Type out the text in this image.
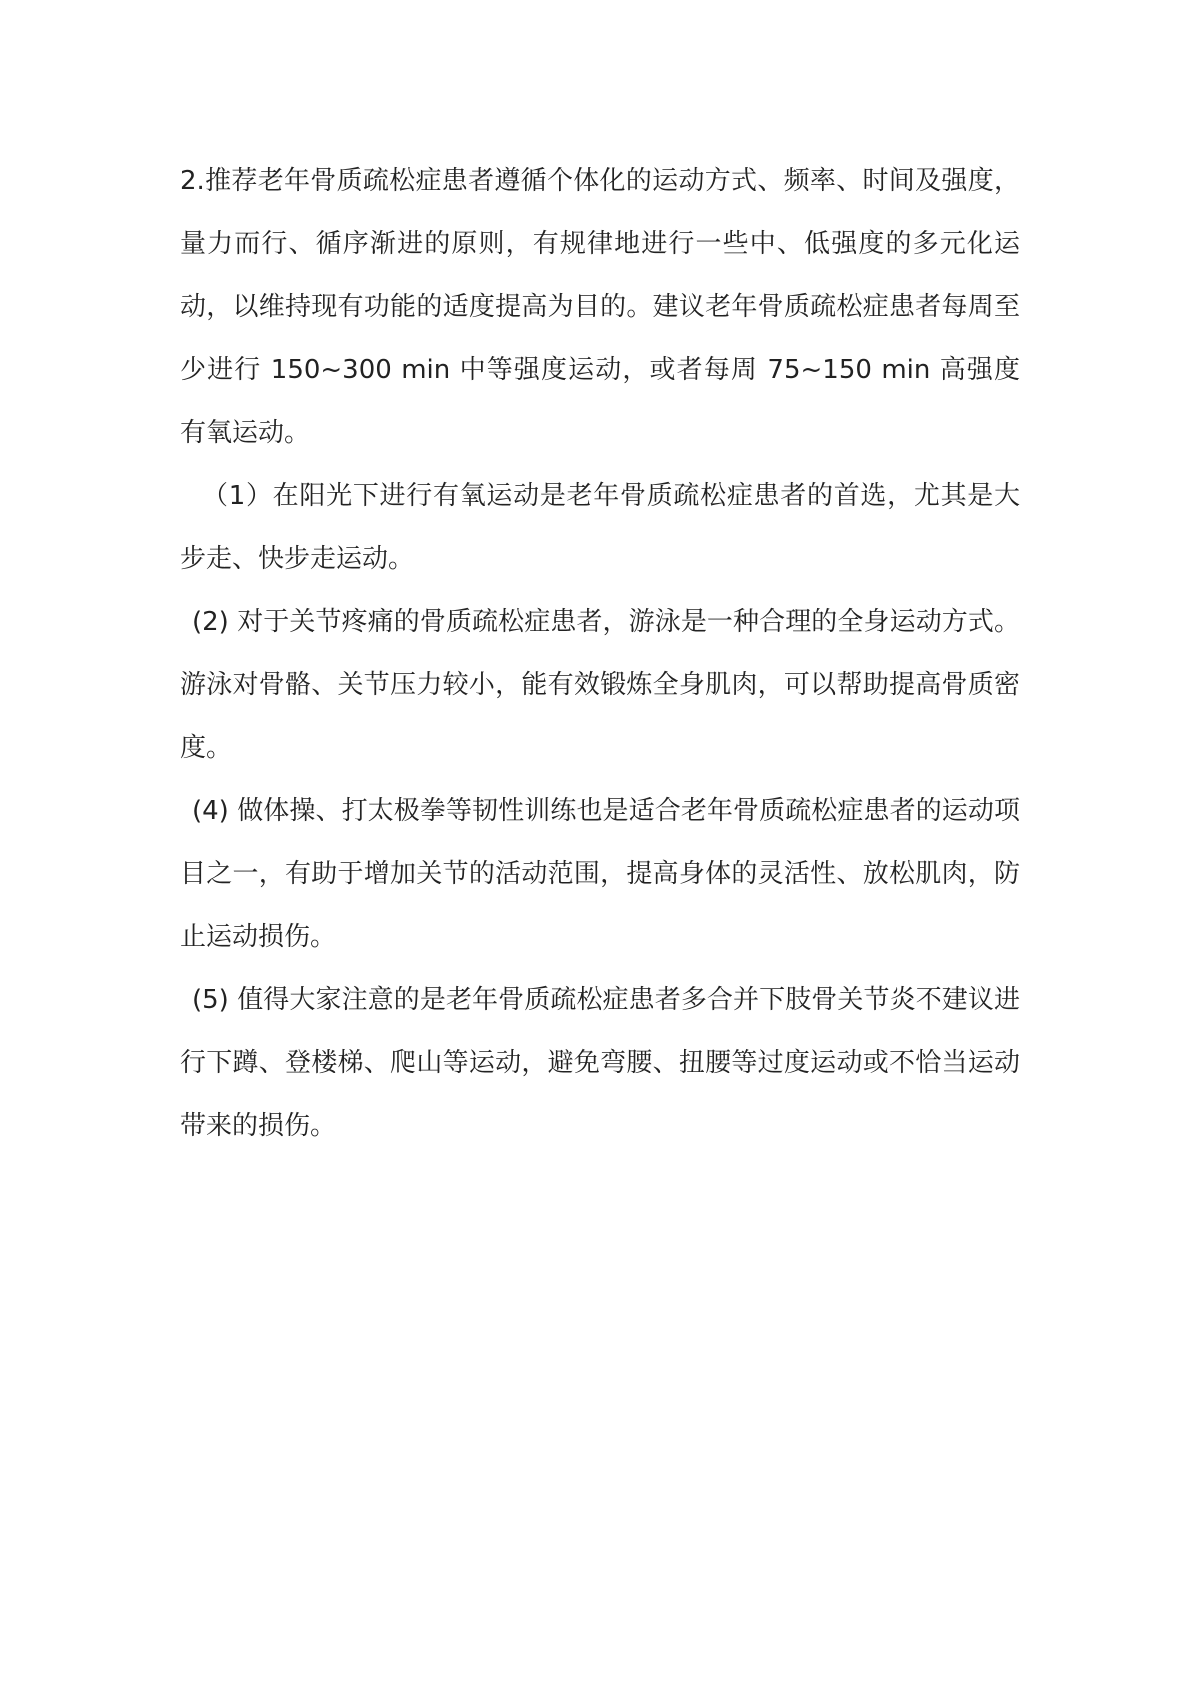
2.推荐老年骨质疏松症患者遵循个体化的运动方式、频率、时间及强度，量力而行、循序渐进的原则，有规律地进行一些中、低强度的多元化运动，以维持现有功能的适度提高为目的。建议老年骨质疏松症患者每周至少进行 150~300 min 中等强度运动，或者每周 75~150 min 高强度有氧运动。

（1）在阳光下进行有氧运动是老年骨质疏松症患者的首选，尤其是大步走、快步走运动。

(2) 对于关节疼痛的骨质疏松症患者，游泳是一种合理的全身运动方式。游泳对骨骼、关节压力较小，能有效锻炼全身肌肉，可以帮助提高骨质密度。

(4) 做体操、打太极拳等韧性训练也是适合老年骨质疏松症患者的运动项目之一，有助于增加关节的活动范围，提高身体的灵活性、放松肌肉，防止运动损伤。

(5) 值得大家注意的是老年骨质疏松症患者多合并下肢骨关节炎不建议进行下蹲、登楼梯、爬山等运动，避免弯腰、扭腰等过度运动或不恰当运动带来的损伤。
